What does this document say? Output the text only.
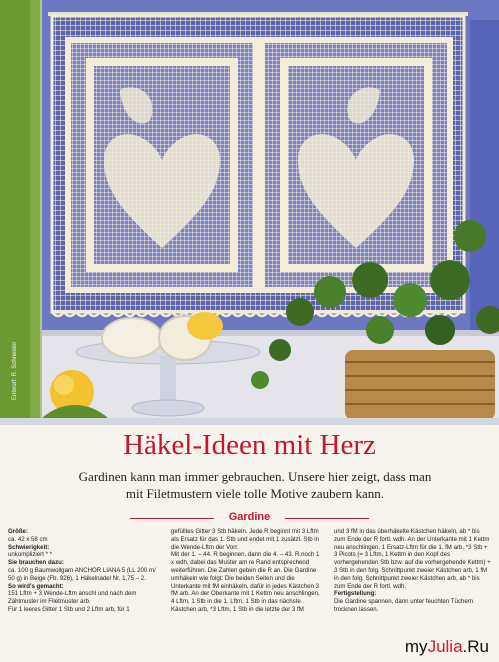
Entwurf: R. Schneider
Häkel-Ideen mit Herz
Gardinen kann man immer gebrauchen. Unsere hier zeigt, dass man mit Filetmustern viele tolle Motive zaubern kann.
Gardine
Größe:
ca. 42 x 58 cm
Schwierigkeit:
unkompliziert * *
Sie brauchen dazu:
ca. 100 g Baumwollgarn ANCHOR LIANA 5 (LL 200 m/ 50 g) in Beige (Fb. 926), 1 Häkelnadel Nr. 1,75 – 2.
So wird's gemacht:
151 Lftm + 3 Wende-Lftm anschl und nach dem Zählmuster im Filetmuster arb.
Für 1 leeres Gitter 1 Stb und 2 Lftm arb, für 1
gefülltes Gitter 3 Stb häkeln. Jede R beginnt mit 3 Lftm als Ersatz für das 1. Stb und endet mit 1 zusätzl. Stb in die Wende-Lftm der Vorr.
Mit der 1. – 44. R beginnen, dann die 4. – 43. R noch 1 x wdh, dabei das Muster am re Rand entsprechend weiterführen. Die Zahlen geben die R an. Die Gardine umhäkeln wie folgt: Die beiden Seiten und die Unterkante mit fM einhäkeln, dafür in jedes Kästchen 3 fM arb. An der Oberkante mit 1 Kettm neu anschlingen, 4 Lftm, 1 Stb in die 1. Lftm, 1 Stb in das nächste Kästchen arb, *3 Lftm, 1 Stb in die letzte der 3 fM
und 3 fM in das überhäkelte Kästchen häkeln, ab * bis zum Ende der R fortl. wdh. An der Unterkante mit 1 Kettm neu anschlingen, 1 Ersatz-Lftm für die 1. fM arb, *3 Stb + 3 Picots (= 3 Lftm, 1 Kettm in den Kopf des vorhergehenden Stb bzw. auf die vorhergehende Kettm) + 3 Stb in den folg. Schnittpunkt zweier Kästchen arb, 1 fM in den folg. Schnittpunkt zweier Kästchen arb, ab * bis zum Ende der R fortl. wdh.
Fertigstellung:
Die Gardine spannen, dann unter feuchten Tüchern trocknen lassen.
myJulia.Ru
